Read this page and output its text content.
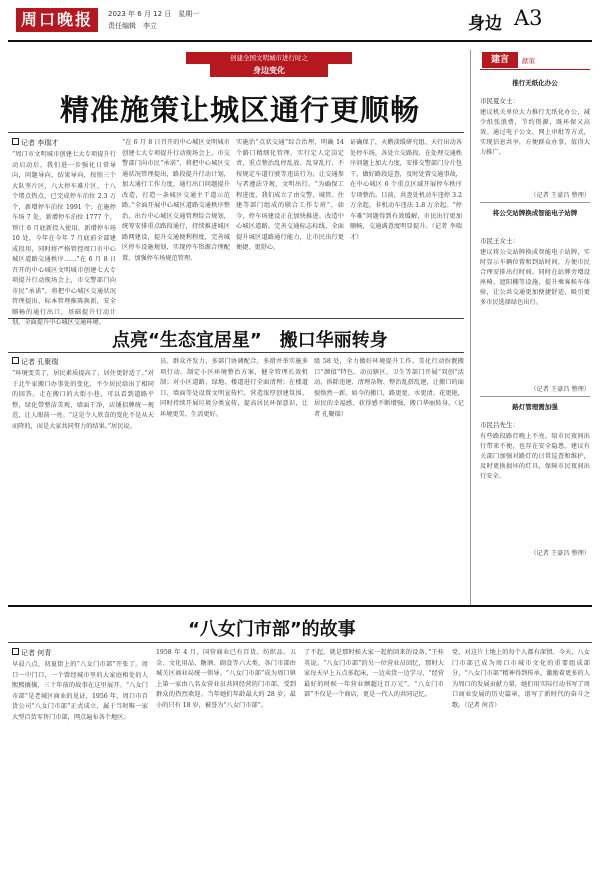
周口晚报	2023 年 6 月 12 日　星期一
责任编辑　李立	身边 A3
创建全国文明城市进行时之
身边变化
精准施策让城区通行更顺畅
记者 李瑞才
“周口市文明城市创建七大专项提升行动启动后，我们进一步强化日常导向，问题导向，结果导向，按照三个大队坚片区，八大停车难片区、十八个堵点热点，已完成停车泊位 2.3 万个，新增停车泊位 1991 个；在施停车场 7 处，新增停车泊位 1777 个，预计 6 月底新投入使用，新增停车场 10 处，今年在今年 7 月底前全部建成投用，同时将严格管控周口市中心城区道路交通秩序……”在 6 月 8 日召开的中心城区文明城市创建七大专项提升行动现场会上，市交警部门向市民“承诺”，将把中心城区交通状况管理提出，标本管理推陈换新，安全顺畅的通行出口，基础提升行动计划，全面提升中心城区交通环境。
“在 6 月 8 日召开的中心城区文明城市创建七大专项提升行动现场会上，市交警部门向市民“承诺”，将把中心城区交通状况管理提出，路段提升行动计划，加大通行工作力度，通行出口问题提升改造，打造一条城区交通主干道示范路。”全面开展中心城区道路交通秩序整治，出台中心城区交通管理综合规划，统筹安排重点路段通行，持续推进城区路网建设，提升交通便利程度，完善城区停车设施规划，实现停车资源合理配置，加强停车场规范管理。
实施治“点状交通”综合治理，明确 14 个路口精细化管理，实行定人定岗定责，重点整治乱停乱放、乱穿乱行、不按规定车道行驶等违法行为，让交通参与者遵法守规，文明出行。“为确保工程进度，我们成立了由交警、城管、住建等部门组成的联合工作专班”，如今，停车场建设正在加快推进。改造中心城区道路、完善交通标志标线，全面提升城区道路通行能力，让市民出行更便捷、更舒心。
证确保了，天鹅淡缓研究组、天行出动各处停车场，各处立交路段，在处理交通秩序问题上加大力度，安排交警部门分片包干，做好路段巡查，及时处置交通事故，在中心城区 6 个重点区域开展停车秩序专项整治。目前，共查处机动车违停 3.2 万余起，非机动车违法 1.8 万余起。“停车难”问题得到有效缓解，市民出行更加顺畅，交通满意度明显提升。（记者 李瑞才）
点亮“生态宜居星”　搬口华丽转身
记者 孔聚瑞
“环境变美了，居民素质提高了，居住更舒适了。”对于北牛家搬口办事处的变化，不少居民给出了相同的回答。走在搬口的大街小巷，可以看到道路平整，绿化带整洁美观，墙面干净，店铺招牌统一规范，让人眼前一亮。“这是令人欣喜的变化不是从天而降的，而是大家共同努力的结果。”居民说。
员、群众齐发力，多部门协调配合，多措并举实施多项行动。制定小区环境整治方案，健全管理长效机制；对小区道路、绿地、楼道进行全面清理；在楼道口、墙面等处设置文明宣传栏，营造浓厚创建氛围。同时持续开展垃圾分类宣传，提高居民环保意识，让环境更美、生活更好。
级 58 处，全力做好环境提升工作。美化行动扮靓搬口“颜值”特色。动员辖区、卫生等部门开展“双创”活动，拆除违建、清理杂物、整治乱搭乱建，让搬口的面貌焕然一新。如今的搬口，路更宽、水更清、花更艳，居民的幸福感、获得感不断增强，搬口华丽转身。（记者 孔聚瑞）
“八女门市部”的故事
记者 何青
早晨八点，初夏街上的“八女门市部”开张了。周口一中门口，一个曾经城市里的大家庭相处的人熙熙攘攘，三十年前的故事在这里展开。“八女门市部”是老城区商业的见证，1956 年，周口市百货公司“八女门市部”正式成立，属于当时唯一家大型百货零售门市部，网点遍布各个地区。
1958 年 4 月，国营商业已有百货、纺织品、五金、文化用品、糖酒、副食等六大类，各门市部由城关区商业局统一领导。“八女门市部”成为周口镇上第一家由八名女营业员共同经营的门市部，受到群众的热烈欢迎。当年她们年龄最大的 28 岁，最小的只有 18 岁，被誉为“八女门市部”。
了不起，就是那时候大家一起抬回来的设备。”王桂英说。“八女门市部”的另一位营业员回忆，那时大家每天早上五点多起床，一边卖货一边学习，“经营最好的时候一年营业额超过百万元”。“八女门市部”不仅是一个商店，更是一代人的共同记忆。
党，对这片土地上的每个人都有深情。今天，八女门市部已成为周口市城市文化的重要组成部分，“八女门市部”精神得到传承，激励着更多的人为周口的发展贡献力量，她们用实际行动书写了周口商业发展的历史篇章，谱写了新时代的奋斗之歌。（记者 何青）
建言	献策
推行无纸化办公
市民夏女士：
建议机关单位大力推行无纸化办公，减少纸张浪费，节约资源，既环保又高效。通过电子公文、网上审批等方式，实现信息共享，方便群众办事，值得大力推广。
（记者 王豪昌 整理）
将公交站牌换成智能电子站牌
市民王女士：
建议将公交站牌换成智能电子站牌，实时显示车辆位置和到站时间，方便市民合理安排出行时间。同时在站牌旁增设座椅、遮阳棚等设施，提升乘客候车体验，让公共交通更加便捷舒适，吸引更多市民选择绿色出行。
（记者 王豪昌 整理）
路灯管理需加强
市民吕先生：
有些路段路灯晚上不亮，给市民夜间出行带来不便，也存在安全隐患。建议有关部门加强对路灯的日常巡查和维护，及时更换损坏的灯具，保障市民夜间出行安全。
（记者 王豪昌 整理）
